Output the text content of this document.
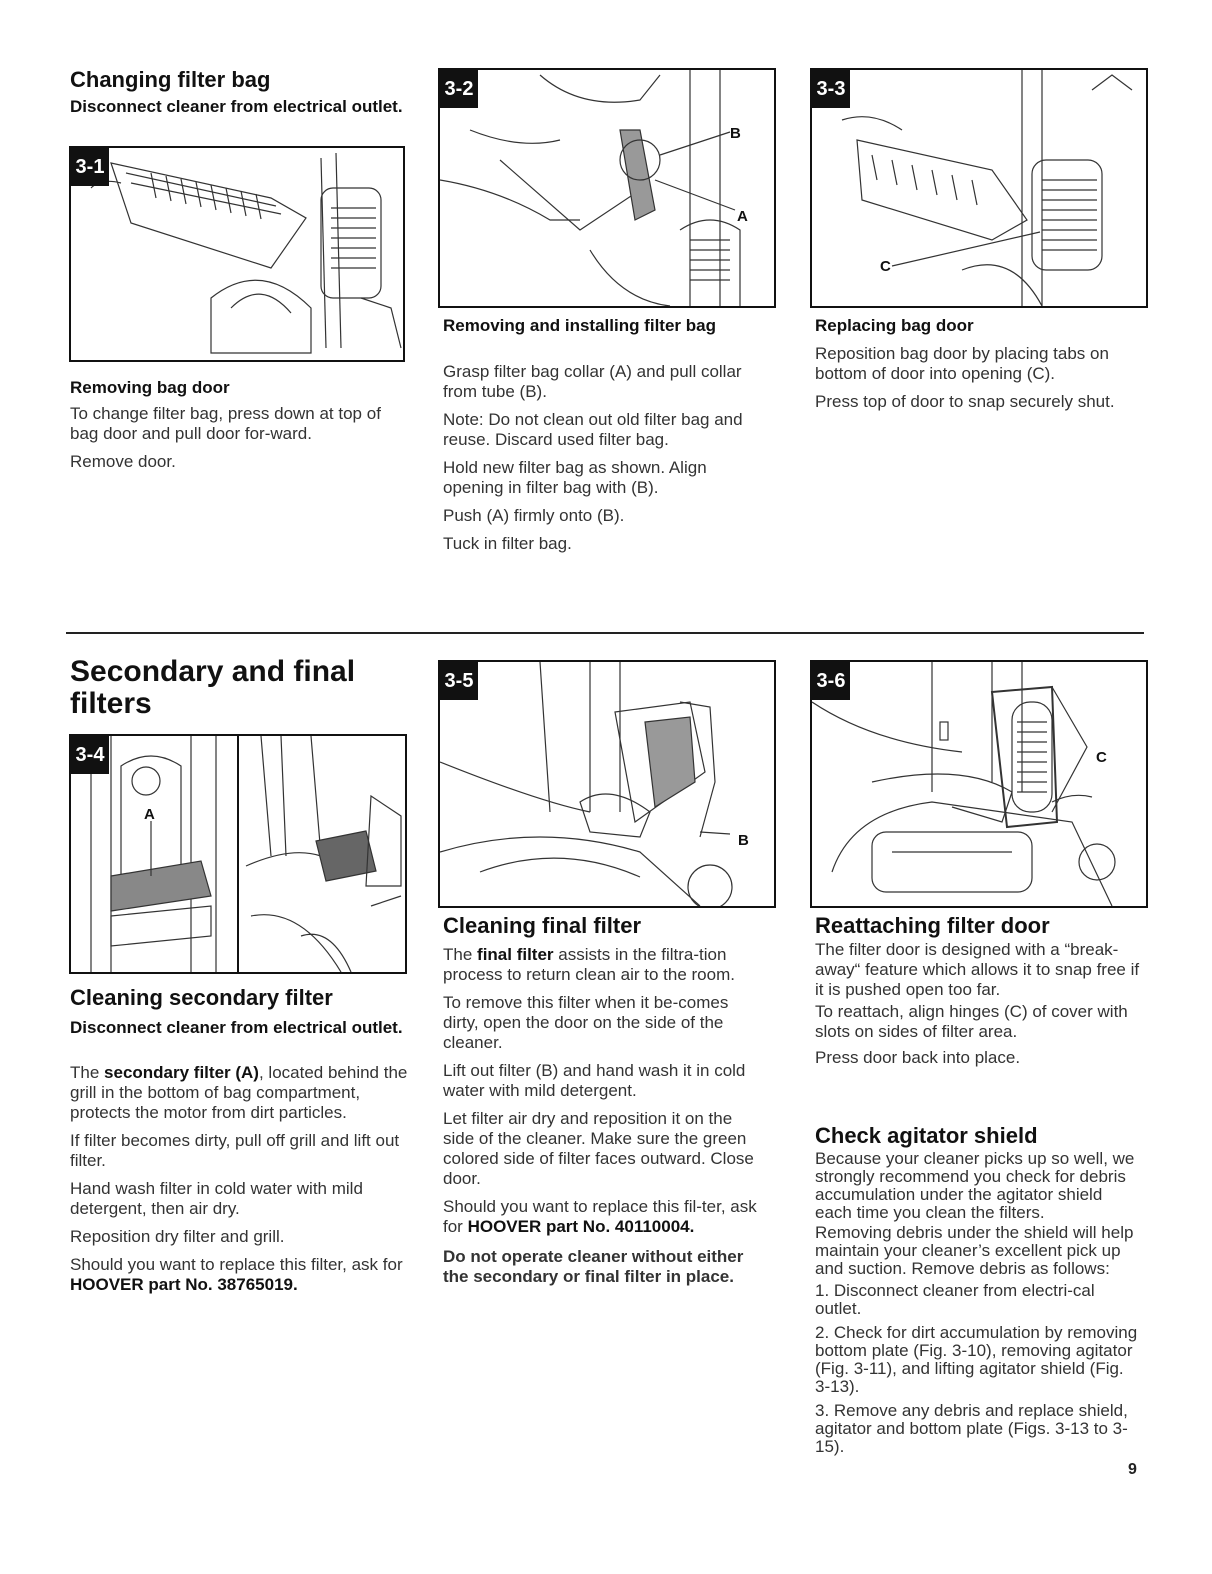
Changing filter bag
Disconnect cleaner from electrical outlet.
3-1
Removing bag door

To change filter bag, press down at top of bag door and pull door for-ward.

Remove door.

B
A
3-2
Removing and installing filter bag

Grasp filter bag collar (A) and pull collar from tube (B).

Note: Do not clean out old filter bag and reuse. Discard used filter bag.

Hold new filter bag as shown. Align opening in filter bag with (B).

Push (A) firmly onto (B).

Tuck in filter bag.

C
3-3
Replacing bag door

Reposition bag door by placing tabs on bottom of door into opening (C).

Press top of door to snap securely shut.

Secondary and final filters
A
3-4
Cleaning secondary filter
Disconnect cleaner from electrical outlet.

The secondary filter (A), located behind the grill in the bottom of bag compartment, protects the motor from dirt particles.

If filter becomes dirty, pull off grill and lift out filter.

Hand wash filter in cold water with mild detergent, then air dry.

Reposition dry filter and grill.

Should you want to replace this filter, ask for HOOVER part No. 38765019.

B
3-5
Cleaning final filter

The final filter assists in the filtra-tion process to return clean air to the room.

To remove this filter when it be-comes dirty, open the door on the side of the cleaner.

Lift out filter (B) and hand wash it in cold water with mild detergent.

Let filter air dry and reposition it on the side of the cleaner. Make sure the green colored side of filter faces outward. Close door.

Should you want to replace this fil-ter, ask for HOOVER part No. 40110004.

Do not operate cleaner without either the secondary or final filter in place.

C
3-6
Reattaching filter door

The filter door is designed with a “break-away“ feature which allows it to snap free if it is pushed open too far.

To reattach, align hinges (C) of cover with slots on sides of filter area.

Press door back into place.

Check agitator shield

Because your cleaner picks up so well, we strongly recommend you check for debris accumulation under the agitator shield each time you clean the filters.

Removing debris under the shield will help maintain your cleaner’s excellent pick up and suction. Remove debris as follows:

1. Disconnect cleaner from electri-cal outlet.

2. Check for dirt accumulation by removing bottom plate (Fig. 3-10), removing agitator (Fig. 3-11), and lifting agitator shield (Fig. 3-13).

3. Remove any debris and replace shield, agitator and bottom plate (Figs. 3-13 to 3-15).

9
